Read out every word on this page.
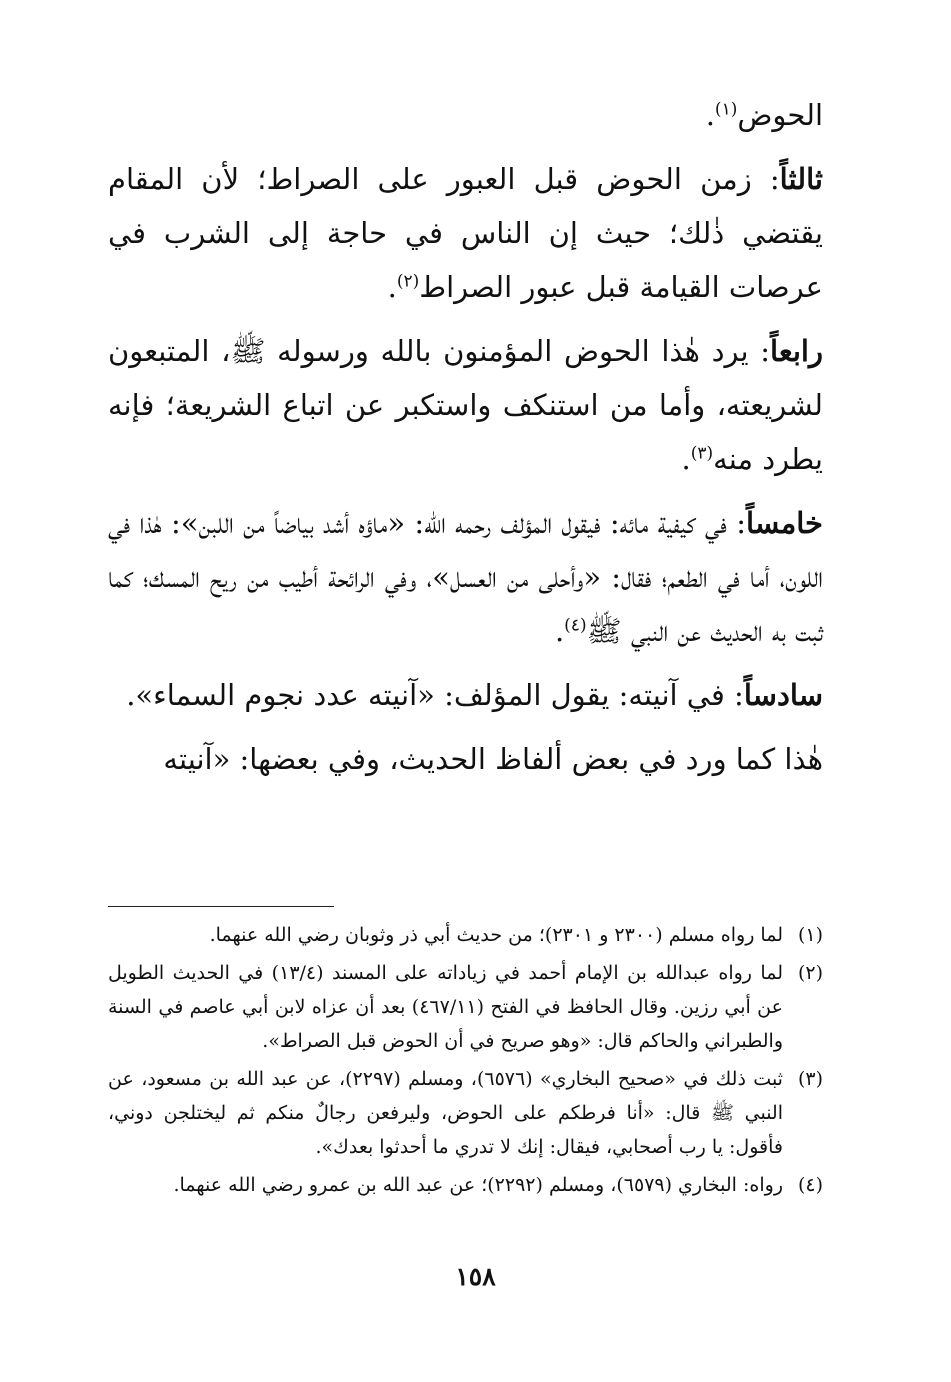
الحوض$^{(١)}$.

ثالثاً: زمن الحوض قبل العبور على الصراط؛ لأن المقام يقتضي ذٰلك؛ حيث إن الناس في حاجة إلى الشرب في عرصات القيامة قبل عبور الصراط$^{(٢)}$.

رابعاً: يرد هٰذا الحوض المؤمنون بالله ورسوله ﷺ، المتبعون لشريعته، وأما من استنكف واستكبر عن اتباع الشريعة؛ فإنه يطرد منه$^{(٣)}$.

خامساً: في كيفية مائه: فيقول المؤلف رحمه الله: «ماؤه أشد بياضاً من اللبن»: هٰذا في اللون، أما في الطعم؛ فقال: «وأحلى من العسل»، وفي الرائحة أطيب من ريح المسك؛ كما ثبت به الحديث عن النبي ﷺ$^{(٤)}$.

سادساً: في آنيته: يقول المؤلف: «آنيته عدد نجوم السماء».

هٰذا كما ورد في بعض ألفاظ الحديث، وفي بعضها: «آنيته

(١)
لما رواه مسلم (٢٣٠٠ و ٢٣٠١)؛ من حديث أبي ذر وثوبان رضي الله عنهما.
(٢)
لما رواه عبدالله بن الإمام أحمد في زياداته على المسند (١٣/٤) في الحديث الطويل عن أبي رزين. وقال الحافظ في الفتح (٤٦٧/١١) بعد أن عزاه لابن أبي عاصم في السنة والطبراني والحاكم قال: «وهو صريح في أن الحوض قبل الصراط».
(٣)
ثبت ذلك في «صحيح البخاري» (٦٥٧٦)، ومسلم (٢٢٩٧)، عن عبد الله بن مسعود، عن النبي ﷺ قال: «أنا فرطكم على الحوض، وليرفعن رجالٌ منكم ثم ليختلجن دوني، فأقول: يا رب أصحابي، فيقال: إنك لا تدري ما أحدثوا بعدك».
(٤)
رواه: البخاري (٦٥٧٩)، ومسلم (٢٢٩٢)؛ عن عبد الله بن عمرو رضي الله عنهما.
١٥٨
